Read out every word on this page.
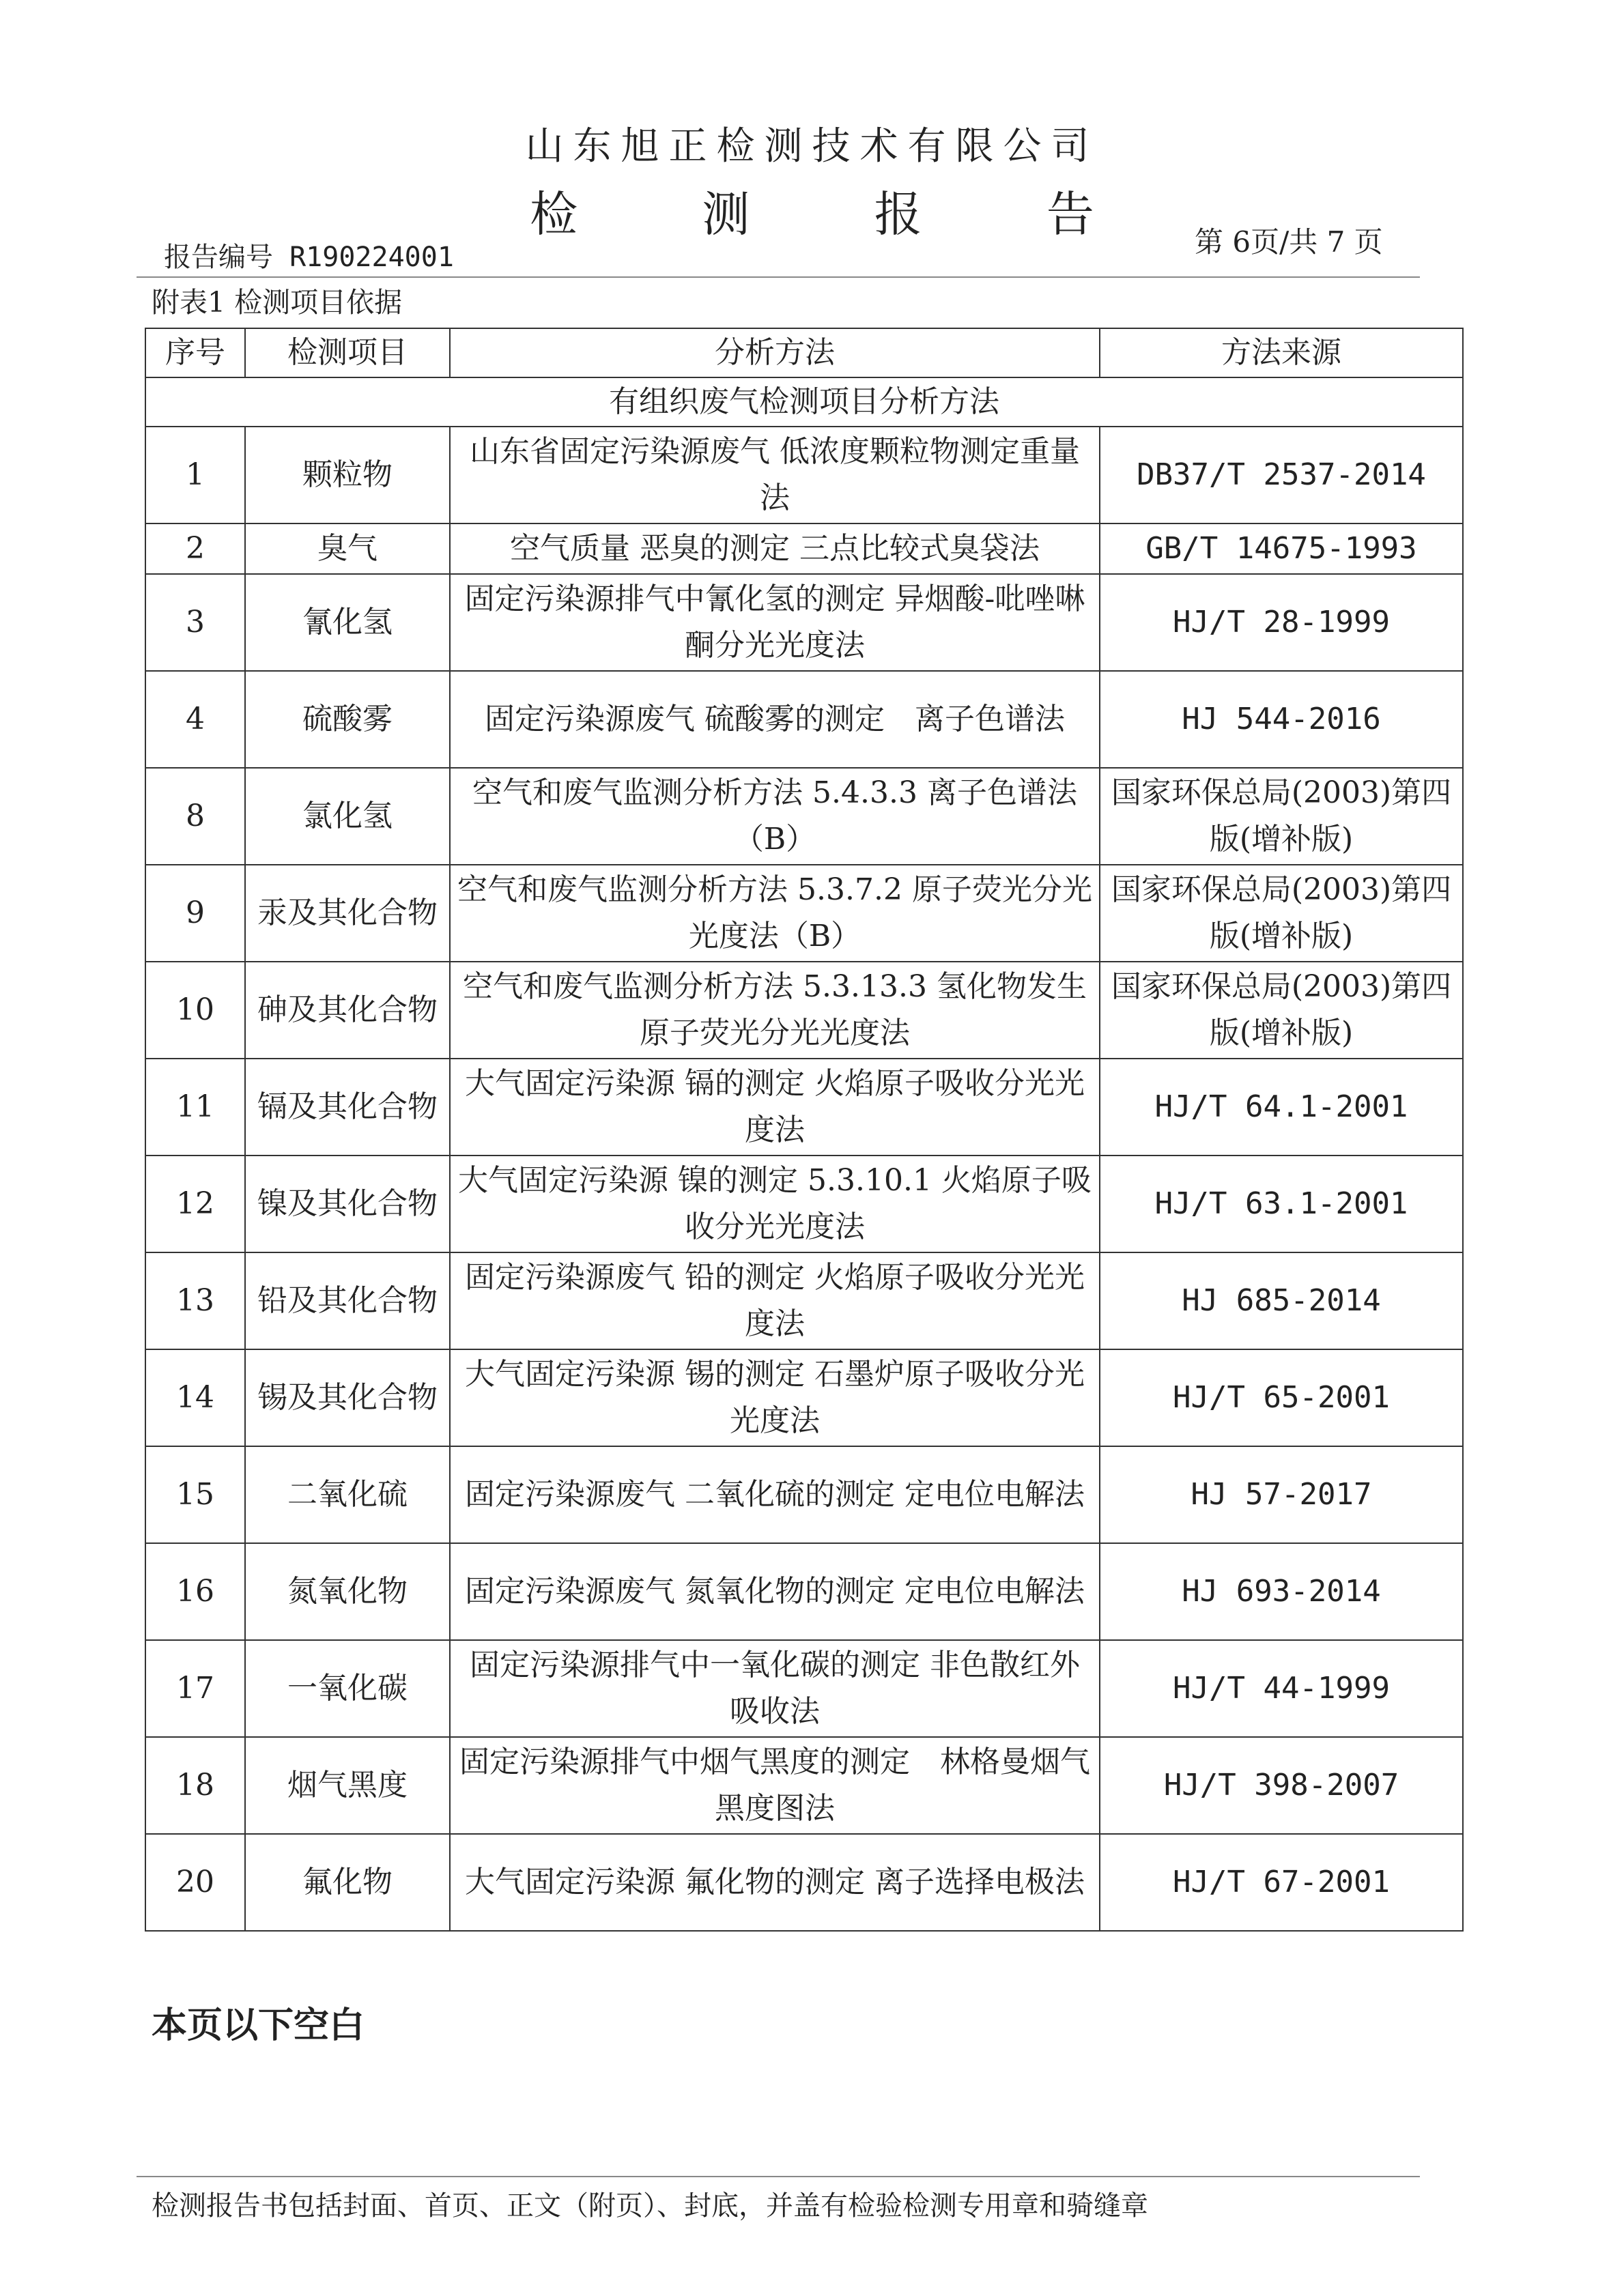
山东旭正检测技术有限公司
检 测 报 告
报告编号 R190224001	第 6页/共 7 页
附表1 检测项目依据
序号	检测项目	分析方法	方法来源
有组织废气检测项目分析方法			
1	颗粒物	山东省固定污染源废气 低浓度颗粒物测定重量法	DB37/T 2537-2014
2	臭气	空气质量 恶臭的测定 三点比较式臭袋法	GB/T 14675-1993
3	氰化氢	固定污染源排气中氰化氢的测定 异烟酸-吡唑啉酮分光光度法	HJ/T 28-1999
4	硫酸雾	固定污染源废气 硫酸雾的测定　离子色谱法	HJ 544-2016
8	氯化氢	空气和废气监测分析方法 5.4.3.3 离子色谱法（B）	国家环保总局(2003)第四版(增补版)
9	汞及其化合物	空气和废气监测分析方法 5.3.7.2 原子荧光分光光度法（B）	国家环保总局(2003)第四版(增补版)
10	砷及其化合物	空气和废气监测分析方法 5.3.13.3 氢化物发生 原子荧光分光光度法	国家环保总局(2003)第四版(增补版)
11	镉及其化合物	大气固定污染源 镉的测定 火焰原子吸收分光光度法	HJ/T 64.1-2001
12	镍及其化合物	大气固定污染源 镍的测定 5.3.10.1 火焰原子吸收分光光度法	HJ/T 63.1-2001
13	铅及其化合物	固定污染源废气 铅的测定 火焰原子吸收分光光度法	HJ 685-2014
14	锡及其化合物	大气固定污染源 锡的测定 石墨炉原子吸收分光光度法	HJ/T 65-2001
15	二氧化硫	固定污染源废气 二氧化硫的测定 定电位电解法	HJ 57-2017
16	氮氧化物	固定污染源废气 氮氧化物的测定 定电位电解法	HJ 693-2014
17	一氧化碳	固定污染源排气中一氧化碳的测定 非色散红外吸收法	HJ/T 44-1999
18	烟气黑度	固定污染源排气中烟气黑度的测定　林格曼烟气黑度图法	HJ/T 398-2007
20	氟化物	大气固定污染源 氟化物的测定 离子选择电极法	HJ/T 67-2001
本页以下空白
检测报告书包括封面、首页、正文（附页）、封底，并盖有检验检测专用章和骑缝章
